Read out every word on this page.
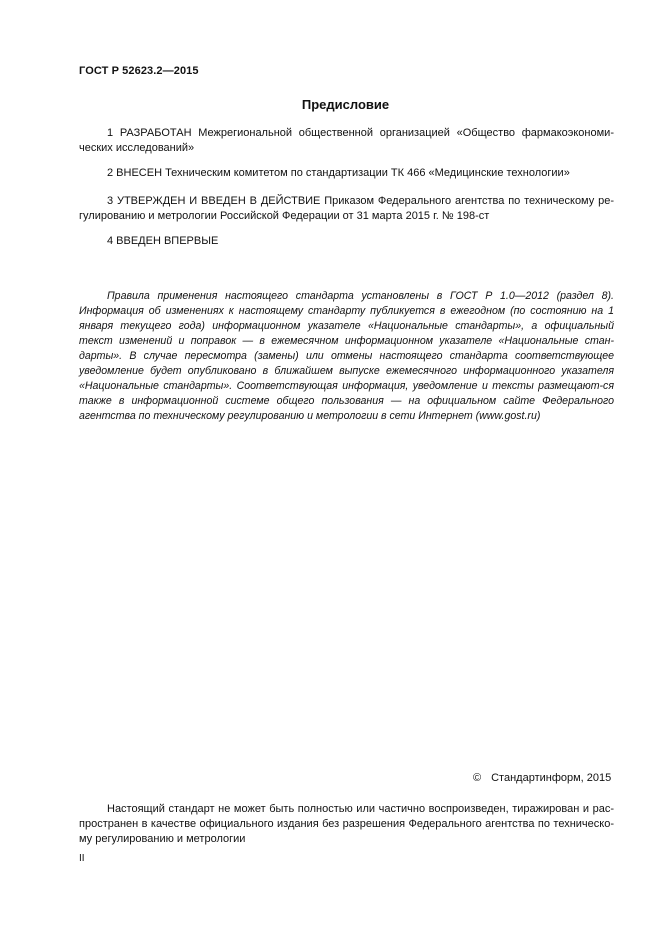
ГОСТ Р 52623.2—2015
Предисловие
1 РАЗРАБОТАН Межрегиональной общественной организацией «Общество фармакоэкономи-ческих исследований»
2 ВНЕСЕН Техническим комитетом по стандартизации ТК 466 «Медицинские технологии»
3 УТВЕРЖДЕН И ВВЕДЕН В ДЕЙСТВИЕ Приказом Федерального агентства по техническому ре-гулированию и метрологии Российской Федерации от 31 марта 2015 г. № 198-ст
4 ВВЕДЕН ВПЕРВЫЕ

Правила применения настоящего стандарта установлены в ГОСТ Р 1.0—2012 (раздел 8). Информация об изменениях к настоящему стандарту публикуется в ежегодном (по состоянию на 1 января текущего года) информационном указателе «Национальные стандарты», а официальный текст изменений и поправок — в ежемесячном информационном указателе «Национальные стан-дарты». В случае пересмотра (замены) или отмены настоящего стандарта соответствующее уведомление будет опубликовано в ближайшем выпуске ежемесячного информационного указателя «Национальные стандарты». Соответствующая информация, уведомление и тексты размещают-ся также в информационной системе общего пользования — на официальном сайте Федерального агентства по техническому регулированию и метрологии в сети Интернет (www.gost.ru)

© Стандартинформ, 2015

Настоящий стандарт не может быть полностью или частично воспроизведен, тиражирован и рас-пространен в качестве официального издания без разрешения Федерального агентства по техническо-му регулированию и метрологии

II
